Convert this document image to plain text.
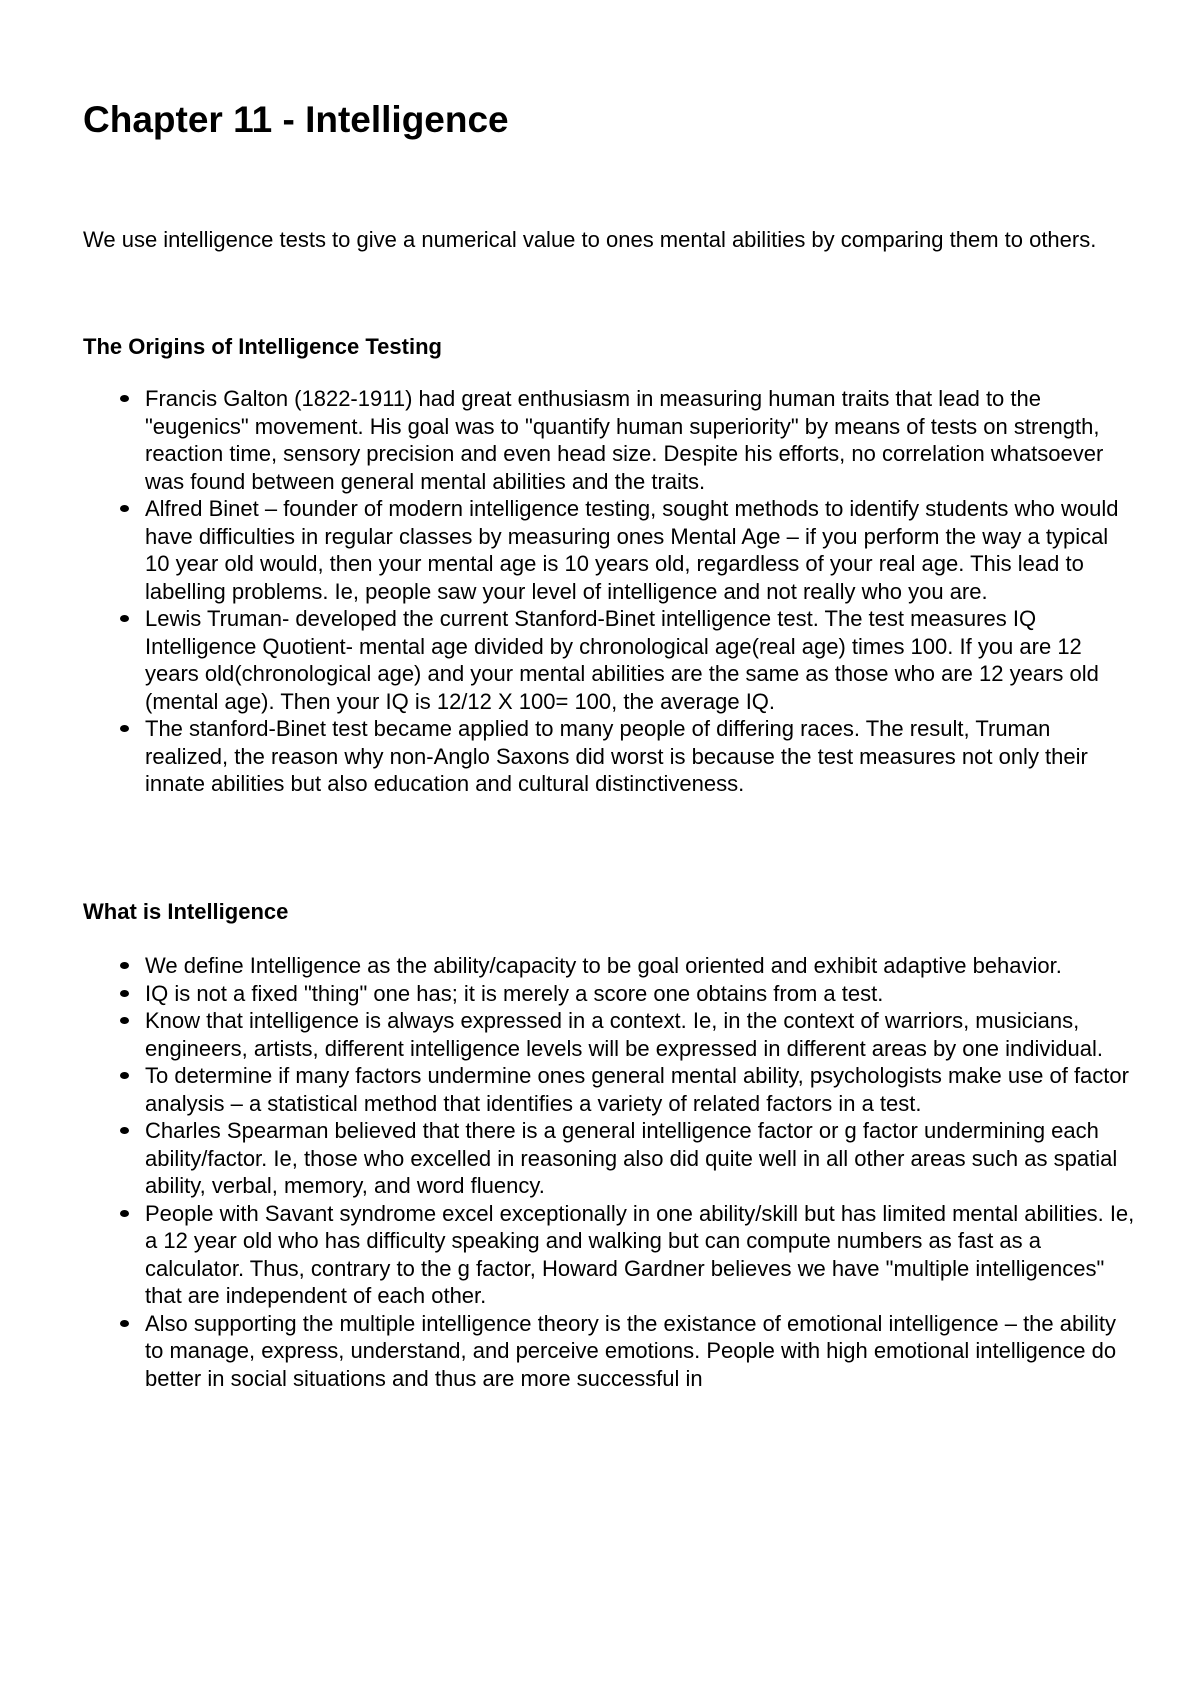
Chapter 11 - Intelligence

We use intelligence tests to give a numerical value to ones mental abilities by comparing them to others.

The Origins of Intelligence Testing
Francis Galton (1822-1911) had great enthusiasm in measuring human traits that lead to the "eugenics" movement. His goal was to "quantify human superiority" by means of tests on strength, reaction time, sensory precision and even head size. Despite his efforts, no correlation whatsoever was found between general mental abilities and the traits.
Alfred Binet – founder of modern intelligence testing, sought methods to identify students who would have difficulties in regular classes by measuring ones Mental Age – if you perform the way a typical 10 year old would, then your mental age is 10 years old, regardless of your real age. This lead to labelling problems. Ie, people saw your level of intelligence and not really who you are.
Lewis Truman- developed the current Stanford-Binet intelligence test. The test measures IQ Intelligence Quotient- mental age divided by chronological age(real age) times 100. If you are 12 years old(chronological age) and your mental abilities are the same as those who are 12 years old (mental age). Then your IQ is 12/12 X 100= 100, the average IQ.
The stanford-Binet test became applied to many people of differing races. The result, Truman realized, the reason why non-Anglo Saxons did worst is because the test measures not only their innate abilities but also education and cultural distinctiveness.
What is Intelligence
We define Intelligence as the ability/capacity to be goal oriented and exhibit adaptive behavior.
IQ is not a fixed "thing" one has; it is merely a score one obtains from a test.
Know that intelligence is always expressed in a context. Ie, in the context of warriors, musicians, engineers, artists, different intelligence levels will be expressed in different areas by one individual.
To determine if many factors undermine ones general mental ability, psychologists make use of factor analysis – a statistical method that identifies a variety of related factors in a test.
Charles Spearman believed that there is a general intelligence factor or g factor undermining each ability/factor. Ie, those who excelled in reasoning also did quite well in all other areas such as spatial ability, verbal, memory, and word fluency.
People with Savant syndrome excel exceptionally in one ability/skill but has limited mental abilities. Ie, a 12 year old who has difficulty speaking and walking but can compute numbers as fast as a calculator. Thus, contrary to the g factor, Howard Gardner believes we have "multiple intelligences" that are independent of each other.
Also supporting the multiple intelligence theory is the existance of emotional intelligence – the ability to manage, express, understand, and perceive emotions. People with high emotional intelligence do better in social situations and thus are more successful in
